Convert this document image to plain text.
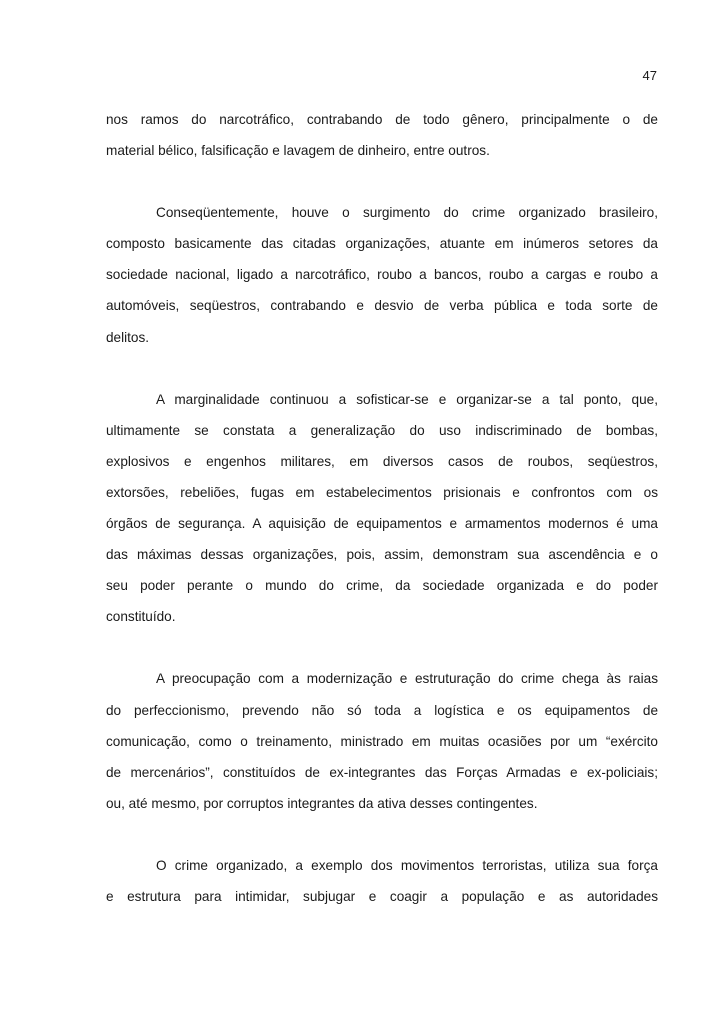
47
nos ramos do narcotráfico, contrabando de todo gênero, principalmente o de
material bélico, falsificação e lavagem de dinheiro, entre outros.
Conseqüentemente, houve o surgimento do crime organizado brasileiro,
composto basicamente das citadas organizações, atuante em inúmeros setores da
sociedade nacional, ligado a narcotráfico, roubo a bancos, roubo a cargas e roubo a
automóveis, seqüestros, contrabando e desvio de verba pública e toda sorte de
delitos.
A marginalidade continuou a sofisticar-se e organizar-se a tal ponto, que,
ultimamente se constata a generalização do uso indiscriminado de bombas,
explosivos e engenhos militares, em diversos casos de roubos, seqüestros,
extorsões, rebeliões, fugas em estabelecimentos prisionais e confrontos com os
órgãos de segurança. A aquisição de equipamentos e armamentos modernos é uma
das máximas dessas organizações, pois, assim, demonstram sua ascendência e o
seu poder perante o mundo do crime, da sociedade organizada e do poder
constituído.
A preocupação com a modernização e estruturação do crime chega às raias
do perfeccionismo, prevendo não só toda a logística e os equipamentos de
comunicação, como o treinamento, ministrado em muitas ocasiões por um “exército
de mercenários”, constituídos de ex-integrantes das Forças Armadas e ex-policiais;
ou, até mesmo, por corruptos integrantes da ativa desses contingentes.
O crime organizado, a exemplo dos movimentos terroristas, utiliza sua força
e estrutura para intimidar, subjugar e coagir a população e as autoridades
